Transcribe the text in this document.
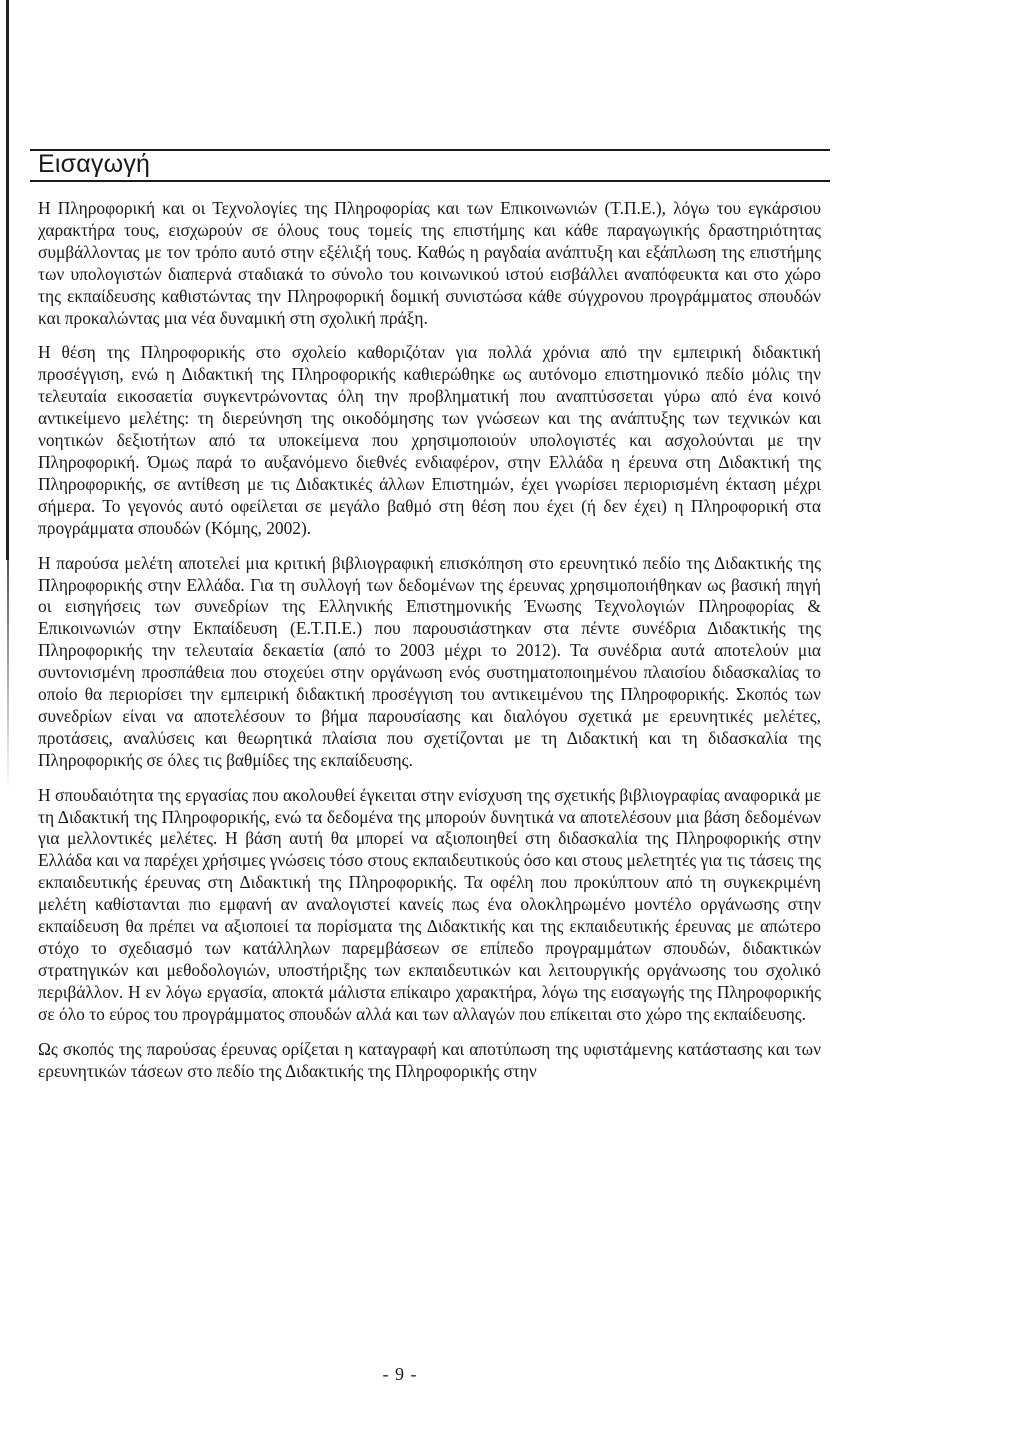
Εισαγωγή

Η Πληροφορική και οι Τεχνολογίες της Πληροφορίας και των Επικοινωνιών (Τ.Π.Ε.), λόγω του εγκάρσιου χαρακτήρα τους, εισχωρούν σε όλους τους τομείς της επιστήμης και κάθε παραγωγικής δραστηριότητας συμβάλλοντας με τον τρόπο αυτό στην εξέλιξή τους. Καθώς η ραγδαία ανάπτυξη και εξάπλωση της επιστήμης των υπολογιστών διαπερνά σταδιακά το σύνολο του κοινωνικού ιστού εισβάλλει αναπόφευκτα και στο χώρο της εκπαίδευσης καθιστώντας την Πληροφορική δομική συνιστώσα κάθε σύγχρονου προγράμματος σπουδών και προκαλώντας μια νέα δυναμική στη σχολική πράξη.

Η θέση της Πληροφορικής στο σχολείο καθοριζόταν για πολλά χρόνια από την εμπειρική διδακτική προσέγγιση, ενώ η Διδακτική της Πληροφορικής καθιερώθηκε ως αυτόνομο επιστημονικό πεδίο μόλις την τελευταία εικοσαετία συγκεντρώνοντας όλη την προβληματική που αναπτύσσεται γύρω από ένα κοινό αντικείμενο μελέτης: τη διερεύνηση της οικοδόμησης των γνώσεων και της ανάπτυξης των τεχνικών και νοητικών δεξιοτήτων από τα υποκείμενα που χρησιμοποιούν υπολογιστές και ασχολούνται με την Πληροφορική. Όμως παρά το αυξανόμενο διεθνές ενδιαφέρον, στην Ελλάδα η έρευνα στη Διδακτική της Πληροφορικής, σε αντίθεση με τις Διδακτικές άλλων Επιστημών, έχει γνωρίσει περιορισμένη έκταση μέχρι σήμερα. Το γεγονός αυτό οφείλεται σε μεγάλο βαθμό στη θέση που έχει (ή δεν έχει) η Πληροφορική στα προγράμματα σπουδών (Κόμης, 2002).

Η παρούσα μελέτη αποτελεί μια κριτική βιβλιογραφική επισκόπηση στο ερευνητικό πεδίο της Διδακτικής της Πληροφορικής στην Ελλάδα. Για τη συλλογή των δεδομένων της έρευνας χρησιμοποιήθηκαν ως βασική πηγή οι εισηγήσεις των συνεδρίων της Ελληνικής Επιστημονικής Ένωσης Τεχνολογιών Πληροφορίας & Επικοινωνιών στην Εκπαίδευση (Ε.Τ.Π.Ε.) που παρουσιάστηκαν στα πέντε συνέδρια Διδακτικής της Πληροφορικής την τελευταία δεκαετία (από το 2003 μέχρι το 2012). Τα συνέδρια αυτά αποτελούν μια συντονισμένη προσπάθεια που στοχεύει στην οργάνωση ενός συστηματοποιημένου πλαισίου διδασκαλίας το οποίο θα περιορίσει την εμπειρική διδακτική προσέγγιση του αντικειμένου της Πληροφορικής. Σκοπός των συνεδρίων είναι να αποτελέσουν το βήμα παρουσίασης και διαλόγου σχετικά με ερευνητικές μελέτες, προτάσεις, αναλύσεις και θεωρητικά πλαίσια που σχετίζονται με τη Διδακτική και τη διδασκαλία της Πληροφορικής σε όλες τις βαθμίδες της εκπαίδευσης.

Η σπουδαιότητα της εργασίας που ακολουθεί έγκειται στην ενίσχυση της σχετικής βιβλιογραφίας αναφορικά με τη Διδακτική της Πληροφορικής, ενώ τα δεδομένα της μπορούν δυνητικά να αποτελέσουν μια βάση δεδομένων για μελλοντικές μελέτες. Η βάση αυτή θα μπορεί να αξιοποιηθεί στη διδασκαλία της Πληροφορικής στην Ελλάδα και να παρέχει χρήσιμες γνώσεις τόσο στους εκπαιδευτικούς όσο και στους μελετητές για τις τάσεις της εκπαιδευτικής έρευνας στη Διδακτική της Πληροφορικής. Τα οφέλη που προκύπτουν από τη συγκεκριμένη μελέτη καθίστανται πιο εμφανή αν αναλογιστεί κανείς πως ένα ολοκληρωμένο μοντέλο οργάνωσης στην εκπαίδευση θα πρέπει να αξιοποιεί τα πορίσματα της Διδακτικής και της εκπαιδευτικής έρευνας με απώτερο στόχο το σχεδιασμό των κατάλληλων παρεμβάσεων σε επίπεδο προγραμμάτων σπουδών, διδακτικών στρατηγικών και μεθοδολογιών, υποστήριξης των εκπαιδευτικών και λειτουργικής οργάνωσης του σχολικό περιβάλλον. Η εν λόγω εργασία, αποκτά μάλιστα επίκαιρο χαρακτήρα, λόγω της εισαγωγής της Πληροφορικής σε όλο το εύρος του προγράμματος σπουδών αλλά και των αλλαγών που επίκειται στο χώρο της εκπαίδευσης.

Ως σκοπός της παρούσας έρευνας ορίζεται η καταγραφή και αποτύπωση της υφιστάμενης κατάστασης και των ερευνητικών τάσεων στο πεδίο της Διδακτικής της Πληροφορικής στην

- 9 -
